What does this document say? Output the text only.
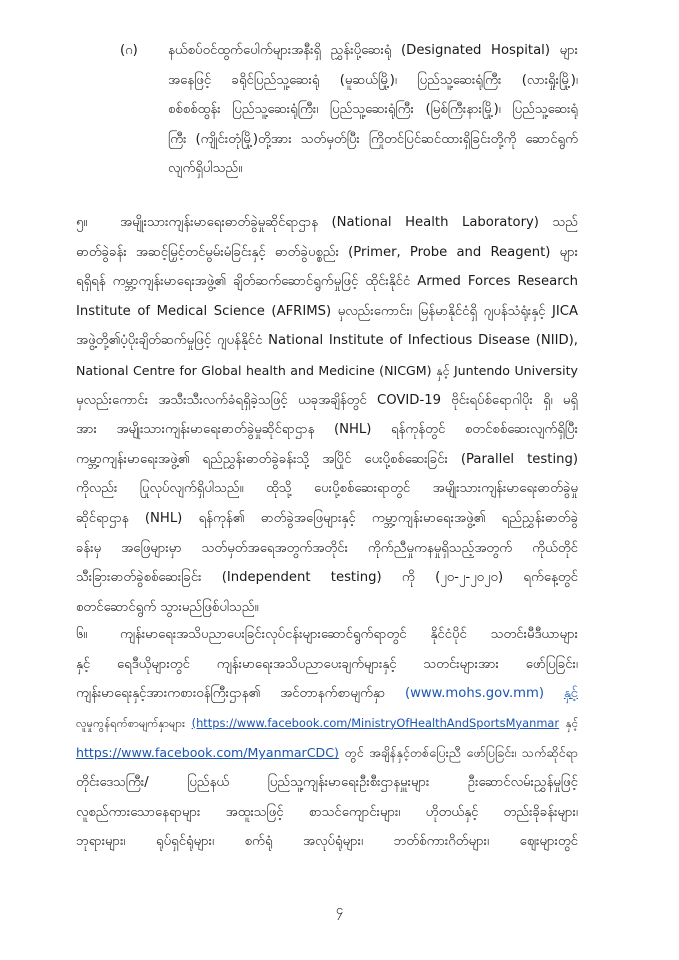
(ဂ) နယ်စပ်ဝင်ထွက်ပေါက်များအနီးရှိ ညွှန်းပို့ဆေးရုံ (Designated Hospital) များ
အနေဖြင့် ခရိုင်ပြည်သူ့ဆေးရုံ (မူဆယ်မြို့)၊ ပြည်သူ့ဆေးရုံကြီး (လားရှိုးမြို့)၊
စစ်စစ်ထွန်း ပြည်သူ့ဆေးရုံကြီး၊ ပြည်သူ့ဆေးရုံကြီး (မြစ်ကြီးနားမြို့)၊ ပြည်သူ့ဆေးရုံ
ကြီး (ကျိုင်းတုံမြို့)တို့အား သတ်မှတ်ပြီး ကြိုတင်ပြင်ဆင်ထားရှိခြင်းတို့ကို ဆောင်ရွက်
လျက်ရှိပါသည်။
၅။	အမျိုးသားကျန်းမာရေးဓာတ်ခွဲမှုဆိုင်ရာဌာန (National Health Laboratory) သည်
ဓာတ်ခွဲခန်း အဆင့်မြှင့်တင်မွမ်းမံခြင်းနှင့် ဓာတ်ခွဲပစ္စည်း (Primer, Probe and Reagent) များ
ရရှိရန် ကမ္ဘာ့ကျန်းမာရေးအဖွဲ့၏ ချိတ်ဆက်ဆောင်ရွက်မှုဖြင့် ထိုင်းနိုင်ငံ Armed Forces Research
Institute of Medical Science (AFRIMS) မှလည်းကောင်း၊ မြန်မာနိုင်ငံရှိ ဂျပန်သံရုံးနှင့် JICA
အဖွဲ့တို့၏ပံ့ပိုးချိတ်ဆက်မှုဖြင့် ဂျပန်နိုင်ငံ National Institute of Infectious Disease (NIID),
National Centre for Global health and Medicine (NICGM) နှင့် Juntendo University
မှလည်းကောင်း အသီးသီးလက်ခံရရှိခဲ့သဖြင့် ယခုအချိန်တွင် COVID-19 ဗိုင်းရပ်စ်ရောဂါပိုး ရှိ၊ မရှိ
အား အမျိုးသားကျန်းမာရေးဓာတ်ခွဲမှုဆိုင်ရာဌာန (NHL) ရန်ကုန်တွင် စတင်စစ်ဆေးလျက်ရှိပြီး
ကမ္ဘာ့ကျန်းမာရေးအဖွဲ့၏ ရည်ညွှန်းဓာတ်ခွဲခန်းသို့ အပြိုင် ပေးပို့စစ်ဆေးခြင်း (Parallel testing)
ကိုလည်း ပြုလုပ်လျက်ရှိပါသည်။ ထိုသို့ ပေးပို့စစ်ဆေးရာတွင် အမျိုးသားကျန်းမာရေးဓာတ်ခွဲမှု
ဆိုင်ရာဌာန (NHL) ရန်ကုန်၏ ဓာတ်ခွဲအဖြေများနှင့် ကမ္ဘာ့ကျန်းမာရေးအဖွဲ့၏ ရည်ညွှန်းဓာတ်ခွဲ
ခန်းမှ အဖြေများမှာ သတ်မှတ်အရေအတွက်အတိုင်း ကိုက်ညီမှုကနမှုရှိသည့်အတွက် ကိုယ်တိုင်
သီးခြားဓာတ်ခွဲစစ်ဆေးခြင်း (Independent testing) ကို (၂၀-၂-၂၀၂၀) ရက်နေ့တွင်
စတင်ဆောင်ရွက် သွားမည်ဖြစ်ပါသည်။
၆။	ကျန်းမာရေးအသိပညာပေးခြင်းလုပ်ငန်းများဆောင်ရွက်ရာတွင် နိုင်ငံပိုင် သတင်းမီဒီယာများ
နှင့် ရေဒီယိုများတွင် ကျန်းမာရေးအသိပညာပေးချက်များနှင့် သတင်းများအား ဖော်ပြခြင်း၊
ကျန်းမာရေးနှင့်အားကစားဝန်ကြီးဌာန၏ အင်တာနက်စာမျက်နှာ (www.mohs.gov.mm) နှင့်
လူမှုကွန်ရက်စာမျက်နှာများ (https://www.facebook.com/MinistryOfHealthAndSportsMyanmar နှင့်
https://www.facebook.com/MyanmarCDC) တွင် အချိန်နှင့်တစ်ပြေးညီ ဖော်ပြခြင်း၊ သက်ဆိုင်ရာ
တိုင်းဒေသကြီး/ ပြည်နယ် ပြည်သူ့ကျန်းမာရေးဦးစီးဌာနမှူးများ ဦးဆောင်လမ်းညွှန်မှုဖြင့်
လူစည်ကားသောနေရာများ အထူးသဖြင့် စာသင်ကျောင်းများ၊ ဟိုတယ်နှင့် တည်းခိုခန်းများ၊
ဘုရားများ၊ ရုပ်ရှင်ရုံများ၊ စက်ရုံ အလုပ်ရုံများ၊ ဘတ်စ်ကားဂိတ်များ၊ ဈေးများတွင်
၄
